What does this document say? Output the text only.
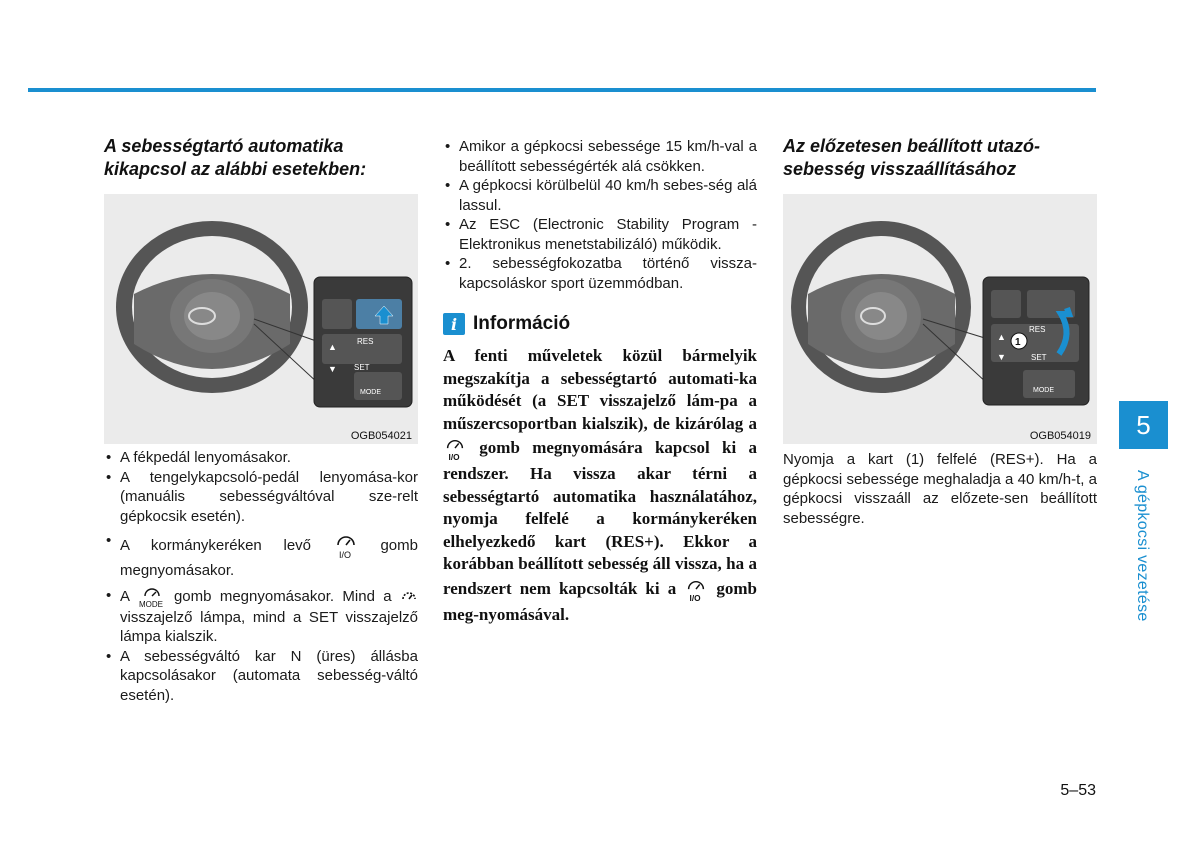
A sebességtartó automatika
kikapcsol az alábbi esetekben:
▲
▼
RES
SET
MODE
OGB054021
• A fékpedál lenyomásakor.
• A tengelykapcsoló-pedál lenyomása-kor (manuális sebességváltóval sze-relt gépkocsik esetén).
• A kormánykeréken levő
I/O
gomb megnyomásakor.
• A MODE gomb megnyomásakor. Mind a  visszajelző lámpa, mind a SET visszajelző lámpa kialszik.
• A sebességváltó kar N (üres) állásba kapcsolásakor (automata sebesség-váltó esetén).
• Amikor a gépkocsi sebessége 15 km/h-val a beállított sebességérték alá csökken.
• A gépkocsi körülbelül 40 km/h sebes-ség alá lassul.
• Az ESC (Electronic Stability Program - Elektronikus menetstabilizáló) működik.
• 2. sebességfokozatba történő vissza-kapcsoláskor sport üzemmódban.
i Információ
A fenti műveletek közül bármelyik megszakítja a sebességtartó automati-ka működését (a SET visszajelző lám-pa a műszercsoportban kialszik), de kizárólag a
I/O
gomb megnyomására kapcsol ki a rendszer. Ha vissza akar térni a sebességtartó automatika használatához, nyomja felfelé a kormánykeréken elhelyezkedő kart (RES+). Ekkor a korábban beállított sebesség áll vissza, ha a rendszert nem kapcsolták ki a
I/O
gomb meg-nyomásával.
Az előzetesen beállított utazó-
sebesség visszaállításához
1
▲
▼
RES
SET
MODE
OGB054019
Nyomja a kart (1) felfelé (RES+). Ha a gépkocsi sebessége meghaladja a 40 km/h-t, a gépkocsi visszaáll az előzete-sen beállított sebességre.
5
A gépkocsi vezetése
5–53
